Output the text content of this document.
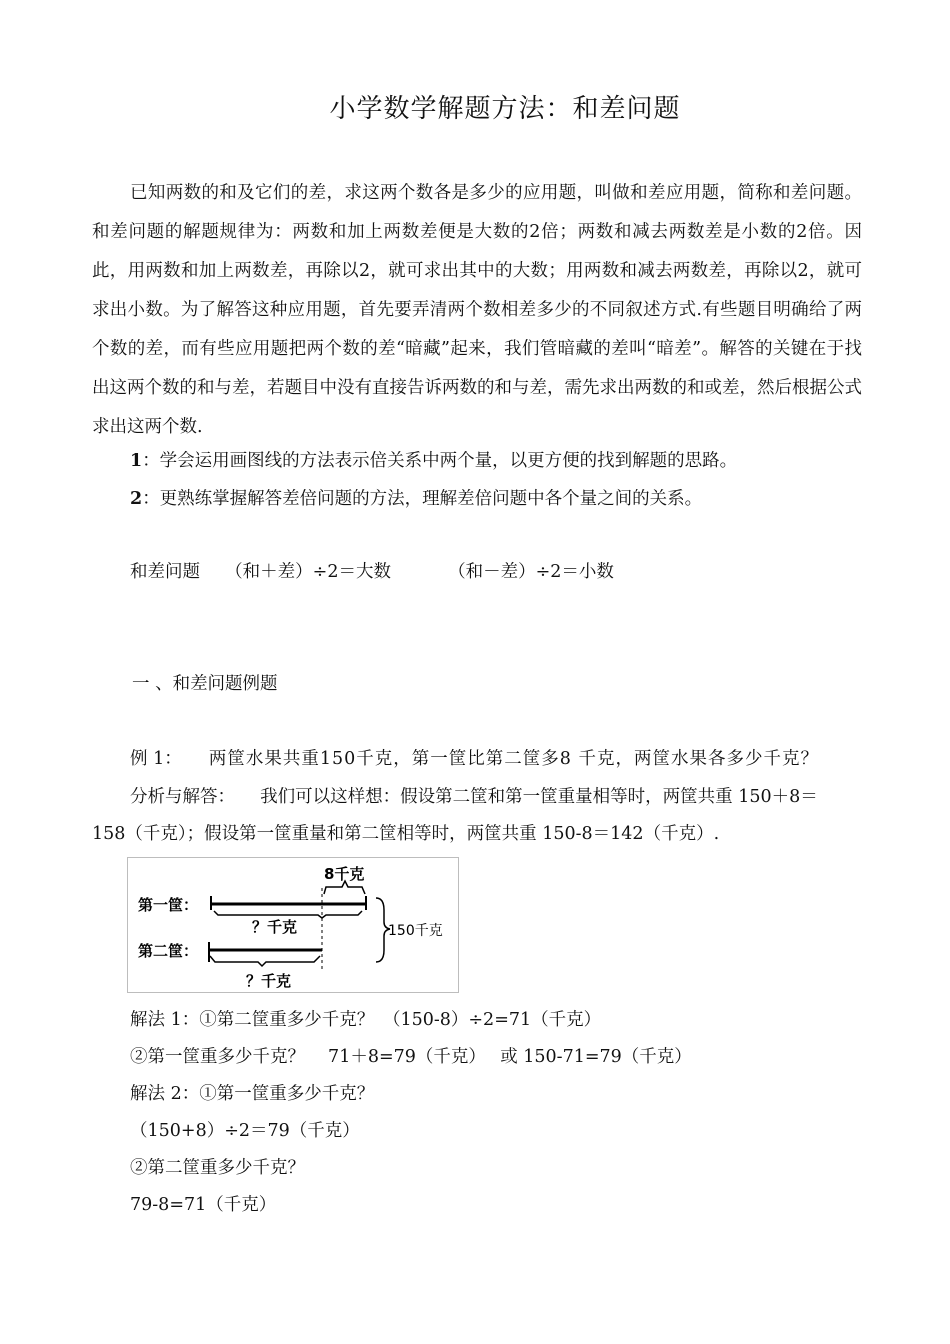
小学数学解题方法：和差问题
已知两数的和及它们的差，求这两个数各是多少的应用题，叫做和差应用题，简称和差问题。和差问题的解题规律为：两数和加上两数差便是大数的2倍；两数和减去两数差是小数的2倍。因此，用两数和加上两数差，再除以2，就可求出其中的大数；用两数和减去两数差，再除以2，就可求出小数。为了解答这种应用题，首先要弄清两个数相差多少的不同叙述方式.有些题目明确给了两个数的差，而有些应用题把两个数的差“暗藏”起来，我们管暗藏的差叫“暗差”。解答的关键在于找出这两个数的和与差，若题目中没有直接告诉两数的和与差，需先求出两数的和或差，然后根据公式求出这两个数.
1：学会运用画图线的方法表示倍关系中两个量，以更方便的找到解题的思路。
2：更熟练掌握解答差倍问题的方法，理解差倍问题中各个量之间的关系。
和差问题 （和＋差）÷2＝大数	（和－差）÷2＝小数
一 、和差问题例题
例 1： 两筐水果共重150千克，第一筐比第二筐多8 千克，两筐水果各多少千克？
分析与解答： 我们可以这样想：假设第二筐和第一筐重量相等时，两筐共重 150＋8＝
158（千克）；假设第一筐重量和第二筐相等时，两筐共重 150-8＝142（千克）.
第一筐：
第二筐：
8千克
？千克
？千克
150千克
解法 1：①第二筐重多少千克？　（150-8）÷2=71（千克）
②第一筐重多少千克？　 71＋8=79（千克）　 或 150-71=79（千克）
解法 2：①第一筐重多少千克？
（150+8）÷2＝79（千克）
②第二筐重多少千克？
79-8=71（千克）
